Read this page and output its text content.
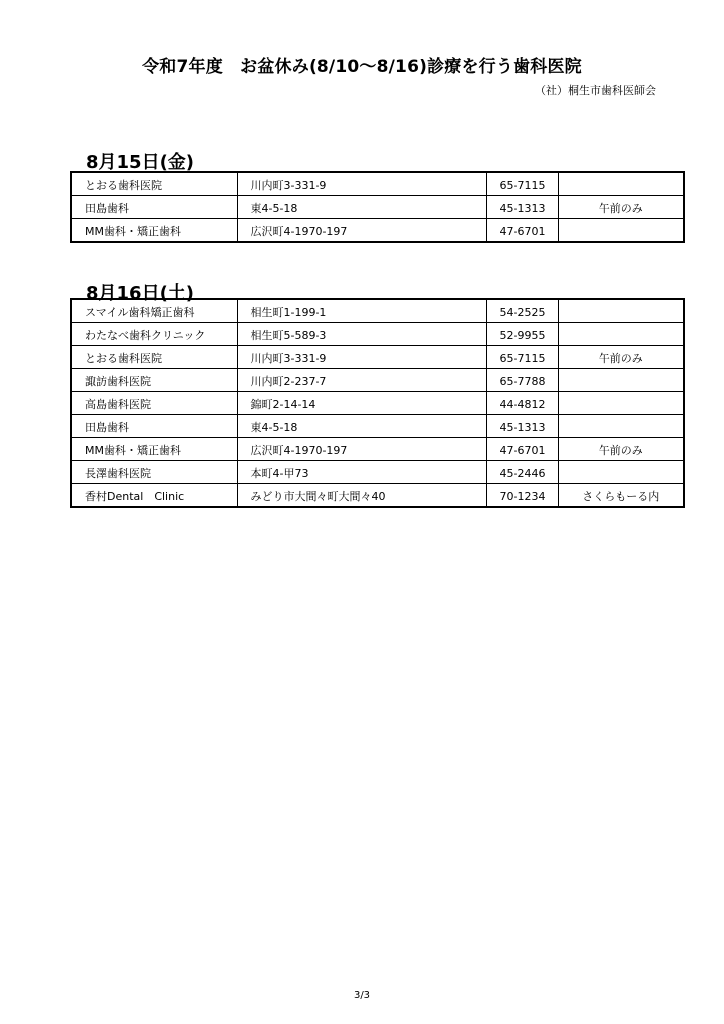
令和7年度　お盆休み(8/10～8/16)診療を行う歯科医院
（社）桐生市歯科医師会
8月15日(金)
とおる歯科医院	川内町3-331-9	65-7115	
田島歯科	東4-5-18	45-1313	午前のみ
MM歯科・矯正歯科	広沢町4-1970-197	47-6701	
8月16日(土)
スマイル歯科矯正歯科	相生町1-199-1	54-2525	
わたなべ歯科クリニック	相生町5-589-3	52-9955	
とおる歯科医院	川内町3-331-9	65-7115	午前のみ
諏訪歯科医院	川内町2-237-7	65-7788	
高島歯科医院	錦町2-14-14	44-4812	
田島歯科	東4-5-18	45-1313	
MM歯科・矯正歯科	広沢町4-1970-197	47-6701	午前のみ
長澤歯科医院	本町4-甲73	45-2446	
香村Dental　Clinic	みどり市大間々町大間々40	70-1234	さくらもーる内
3/3
